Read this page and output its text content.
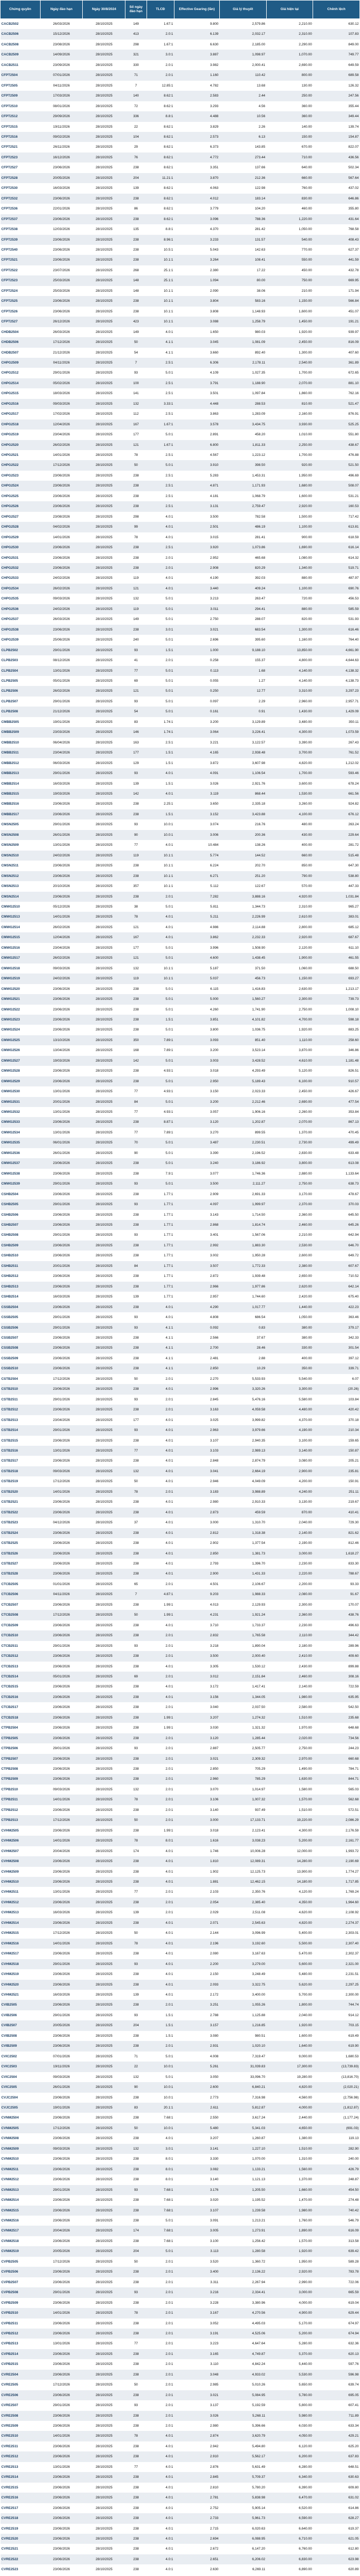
Chứng quyền	Ngày đáo hạn	Ngày 30/8/2024	Số ngày đáo hạn	TLCĐ	Effective Gearing (lần)	Giá lý thuyết	Giá hiện tại	Chênh lệch
CACB2502	26/03/2026	28/10/2025	149	1.67:1	9.800	2,579.86	2,210.00	630.12
CACB2506	15/12/2026	28/10/2025	413	2.0:1	6.139	2,032.17	2,310.00	107.83
CACB2508	23/08/2026	28/10/2025	298	1.67:1	6.630	2,185.00	2,290.00	849.00
CACB2509	14/09/2026	28/10/2025	321	3.0:1	3.887	1,098.97	1,070.00	749.77
CACB2511	23/09/2026	28/10/2025	330	2.0:1	3.982	2,000.41	2,690.00	649.59
CFPT2504	07/01/2026	28/10/2025	71	2.0:1	1.160	110.42	800.00	689.58
CFPT2505	04/11/2026	28/10/2025	7	12.85:1	4.782	13.68	130.00	126.32
CFPT2509	17/03/2026	28/10/2025	140	8.62:1	2.583	2.44	250.00	247.56
CFPT2510	08/01/2026	28/10/2025	72	8.62:1	3.293	4.56	360.00	355.44
CFPT2512	29/09/2026	28/10/2025	336	8.8:1	4.488	10.56	360.00	349.44
CFPT2515	19/11/2026	28/10/2025	22	8.62:1	3.829	2.26	140.00	139.74
CFPT2516	09/02/2026	28/10/2025	104	8.62:1	2.573	6.13	150.00	154.87
CFPT2521	26/11/2026	28/10/2025	29	8.62:1	6.373	143.85	670.00	822.07
CFPT2523	16/12/2026	28/10/2025	76	8.62:1	4.772	273.44	710.00	436.56
CFPT2527	23/06/2026	28/10/2025	238	8.62:1	3.351	137.66	640.00	502.34
CFPT2528	20/05/2026	28/10/2025	204	11.21:1	3.870	212.36	660.00	567.64
CFPT2530	16/03/2026	28/10/2025	139	8.62:1	4.063	122.98	760.00	437.02
CFPT2532	23/06/2026	28/10/2025	238	8.62:1	4.012	183.14	830.00	646.86
CFPT2536	22/01/2026	28/10/2025	86	8.62:1	3.779	104.20	460.00	355.80
CFPT2537	23/06/2026	28/10/2025	238	8.62:1	3.096	788.36	1,220.00	431.64
CFPT2538	12/03/2026	28/10/2025	135	8.8:1	4.370	281.42	1,050.00	768.58
CFPT2539	23/06/2026	28/10/2025	238	8.96:1	3.233	131.57	540.00	408.43
CFPT2540	23/06/2026	28/10/2025	238	10.5:1	5.043	142.63	770.00	627.37
CFPT2521	23/06/2026	28/10/2025	238	10.1:1	3.264	108.41	550.00	441.59
CFPT2522	23/07/2026	28/10/2025	268	25.1:1	2.380	17.22	450.00	432.78
CFPT2523	25/03/2026	28/10/2025	148	25.1:1	1.094	80.00	750.00	669.95
CFPT2524	25/03/2026	28/10/2025	148	10.1:1	2.090	38.06	210.00	171.94
CFPT2525	23/06/2026	28/10/2025	238	10.1:1	3.804	583.16	1,150.00	566.84
CFPT2526	23/06/2026	28/10/2025	238	10.1:1	3.808	1,148.93	1,600.00	451.07
CFPT2527	26/12/2026	28/10/2025	423	10.1:1	3.088	1,258.79	1,450.00	191.21
CHDB2504	26/03/2026	28/10/2025	149	4.0:1	1.650	980.03	1,920.00	939.97
CHDB2506	17/12/2026	28/10/2025	50	4.1:1	3.045	1,081.09	2,450.00	816.09
CHDB2507	21/12/2026	28/10/2025	54	4.1:1	3.660	892.40	1,300.00	407.60
CHPG2509	04/11/2026	28/10/2025	7	2.5:1	6.306	2,178.11	2,540.00	361.89
CHPG2512	29/01/2026	28/10/2025	93	5.0:1	4.109	1,027.35	1,700.00	672.65
CHPG2514	05/02/2026	28/10/2025	100	2.5:1	3.791	1,188.90	2,070.00	881.10
CHPG2515	18/03/2026	28/10/2025	141	2.5:1	3.501	1,097.84	1,860.00	762.16
CHPG2516	09/03/2026	28/10/2025	132	3.33:1	4.448	288.53	810.00	521.47
CHPG2517	17/02/2026	28/10/2025	112	2.5:1	3.863	1,283.09	2,160.00	876.91
CHPG2518	12/04/2026	28/10/2025	167	1.67:1	3.578	3,434.75	3,930.00	525.25
CHPG2519	23/04/2026	28/10/2025	177	5.0:1	2.891	458.20	1,010.00	551.80
CHPG2520	26/02/2026	28/10/2025	121	1.67:1	6.800	1,811.33	2,250.00	438.67
CHPG2521	14/01/2026	28/10/2025	78	2.5:1	4.567	1,223.12	1,700.00	476.88
CHPG2522	17/12/2026	28/10/2025	50	5.0:1	3.910	398.50	920.00	521.50
CHPG2523	23/06/2026	28/10/2025	238	2.5:1	5.283	1,453.31	1,950.00	496.69
CHPG2524	23/06/2026	28/10/2025	238	2.5:1	4.871	1,171.93	1,680.00	508.07
CHPG2525	23/06/2026	28/10/2025	238	2.5:1	4.181	1,068.79	1,600.00	531.21
CHPG2526	23/06/2026	28/10/2025	238	2.5:1	3.131	2,759.47	2,920.00	160.53
CHPG2527	23/08/2026	28/10/2025	298	4.0:1	3.500	782.58	1,500.00	717.42
CHPG2528	04/02/2026	28/10/2025	99	4.0:1	2.501	486.19	1,100.00	613.81
CHPG2529	14/01/2026	28/10/2025	78	4.0:1	3.015	281.41	900.00	618.59
CHPG2530	23/06/2026	28/10/2025	238	2.5:1	3.920	1,073.86	1,690.00	616.14
CHPG2531	23/06/2026	28/10/2025	238	2.0:1	2.952	465.68	1,080.00	614.32
CHPG2532	23/06/2026	28/10/2025	238	2.0:1	2.908	820.29	1,340.00	519.71
CHPG2533	24/02/2026	28/10/2025	119	4.0:1	4.190	392.03	880.00	487.97
CHPG2534	26/02/2026	28/10/2025	121	4.0:1	3.440	409.24	1,100.00	690.76
CHPG2535	09/03/2026	28/10/2025	132	5.0:1	3.213	263.47	720.00	456.53
CHPG2536	24/02/2026	28/10/2025	119	5.0:1	3.011	294.41	880.00	585.59
CHPG2537	26/03/2026	28/10/2025	149	5.0:1	2.750	288.07	820.00	531.93
CHPG2538	23/06/2026	28/10/2025	238	3.0:1	3.021	683.54	1,300.00	616.46
CHPG2539	25/06/2026	28/10/2025	240	5.0:1	2.696	395.60	1,160.00	764.40
CLPB2502	29/01/2026	28/10/2025	93	1.5:1	1.000	9,188.10	13,850.00	4,661.90
CLPB2503	08/12/2026	28/10/2025	41	2.0:1	0.258	155.37	4,800.00	4,644.63
CLPB2504	13/01/2026	28/10/2025	77	5.0:1	0.113	1.68	4,140.00	4,138.32
CLPB2505	05/01/2026	28/10/2025	69	5.0:1	0.055	1.27	4,140.00	4,138.73
CLPB2506	26/02/2026	28/10/2025	121	5.0:1	0.250	12.77	3,310.00	3,297.23
CLPB2507	29/01/2026	28/10/2025	93	5.0:1	0.097	2.29	2,960.00	2,957.71
CLPB2508	21/12/2026	28/10/2025	54	5.0:1	0.161	0.91	1,430.00	1,429.09
CMBB2505	19/01/2026	28/10/2025	83	1.74:1	3.200	3,129.89	3,480.00	350.11
CMBB2509	23/03/2026	28/10/2025	146	1.74:1	3.064	3,226.41	4,300.00	1,073.59
CMBB2510	06/04/2026	28/10/2025	163	2.5:1	3.221	3,122.57	3,390.00	267.43
CMBB2511	23/04/2026	28/10/2025	177	1.5:1	4.165	2,938.48	3,700.00	761.52
CMBB2512	06/03/2026	28/10/2025	129	1.5:1	3.872	3,607.98	4,820.00	1,212.02
CMBB2513	29/01/2026	28/10/2025	93	4.0:1	4.091	1,106.54	1,700.00	593.46
CMBB2514	16/03/2026	28/10/2025	139	1.5:1	3.026	2,921.76	3,600.00	678.24
CMBB2515	19/03/2026	28/10/2025	142	4.0:1	3.119	868.44	1,530.00	661.56
CMBB2516	23/06/2026	28/10/2025	238	2.25:1	3.650	2,335.18	3,260.00	924.82
CMBB2517	23/06/2026	28/10/2025	238	1.5:1	3.152	3,423.88	4,100.00	676.12
CMSN2505	29/01/2026	28/10/2025	93	10.0:1	3.074	216.76	480.00	263.24
CMSN2508	26/01/2026	28/10/2025	90	10.0:1	3.006	200.36	430.00	229.64
CMSN2509	13/01/2026	28/10/2025	77	4.0:1	10.484	138.26	400.00	281.72
CMSN2510	24/02/2026	28/10/2025	119	10.1:1	5.774	144.52	660.00	515.48
CMSN2511	23/06/2026	28/10/2025	238	10.1:1	6.224	202.70	850.00	647.30
CMSN2512	23/06/2026	28/10/2025	238	10.1:1	6.271	251.20	790.00	538.80
CMSN2513	20/10/2026	28/10/2025	357	10.1:1	5.112	122.67	570.00	447.33
CMSN2514	23/06/2026	28/10/2025	238	2.0:1	7.282	3,888.16	4,920.00	1,031.84
CMWG2510	05/12/2026	28/10/2025	38	5.0:1	5.811	1,344.73	2,310.00	965.27
CMWG2513	14/01/2026	28/10/2025	78	4.0:1	5.211	2,226.99	2,610.00	383.01
CMWG2514	26/02/2026	28/10/2025	121	4.0:1	4.986	2,114.88	2,800.00	685.12
CMWG2515	12/04/2026	28/10/2025	167	4.0:1	3.862	2,232.33	2,920.00	687.67
CMWG2516	23/04/2026	28/10/2025	177	5.0:1	3.996	1,508.90	2,120.00	611.10
CMWG2517	26/02/2026	28/10/2025	121	5.0:1	4.600	1,438.45	1,900.00	461.55
CMWG2518	09/03/2026	28/10/2025	132	10.1:1	5.187	371.50	1,060.00	688.50
CMWG2519	24/02/2026	28/10/2025	119	10.1:1	5.037	456.73	1,150.00	693.27
CMWG2520	23/06/2026	28/10/2025	238	5.0:1	6.115	1,416.83	2,630.00	1,213.17
CMWG2521	23/06/2026	28/10/2025	238	5.0:1	5.000	1,560.27	2,300.00	739.73
CMWG2522	23/06/2026	28/10/2025	238	5.0:1	4.260	1,741.90	2,750.00	1,008.10
CMWG2523	23/06/2026	28/10/2025	238	1.5:1	3.851	4,101.82	4,700.00	598.18
CMWG2524	23/06/2026	28/10/2025	238	5.0:1	3.800	1,036.75	1,920.00	883.25
CMWG2525	13/10/2026	28/10/2025	350	7.89:1	3.093	851.40	1,110.00	258.60
CMWG2526	13/04/2026	28/10/2025	168	7.89:1	3.200	3,523.14	3,870.00	346.86
CMWG2527	19/03/2026	28/10/2025	142	5.0:1	3.003	3,428.52	4,610.00	1,181.48
CMWG2528	23/06/2026	28/10/2025	238	4.93:1	3.018	4,293.49	5,120.00	826.51
CMWG2529	23/06/2026	28/10/2025	238	5.0:1	2.950	5,189.43	6,100.00	910.57
CMWG2530	13/01/2026	28/10/2025	77	4.93:1	3.150	2,023.33	2,450.00	426.67
CMWG2531	20/01/2026	28/10/2025	84	5.0:1	3.200	2,212.46	2,690.00	477.54
CMWG2532	13/01/2026	28/10/2025	77	4.93:1	3.057	1,906.16	2,260.00	353.84
CMWG2533	23/06/2026	28/10/2025	238	8.87:1	3.120	1,202.87	2,070.00	867.13
CMWG2534	13/01/2026	28/10/2025	77	7.89:1	3.270	899.55	1,370.00	470.45
CMWG2535	06/01/2026	28/10/2025	70	5.0:1	3.487	2,230.51	2,730.00	499.49
CMWG2536	26/01/2026	28/10/2025	90	5.0:1	3.390	2,196.52	2,830.00	633.48
CMWG2537	23/06/2026	28/10/2025	238	5.0:1	3.240	3,186.92	3,800.00	613.08
CMWG2538	23/06/2026	28/10/2025	238	7.9:1	3.077	1,746.36	2,880.00	1,133.64
CMWG2539	29/01/2026	28/10/2025	93	5.0:1	3.500	2,111.27	2,750.00	638.73
CSHB2504	23/06/2026	28/10/2025	238	1.77:1	2.909	2,691.33	3,170.00	478.67
CSHB2505	29/01/2026	28/10/2025	93	1.77:1	4.097	1,999.97	2,370.00	370.03
CSHB2506	23/06/2026	28/10/2025	238	1.77:1	3.143	1,714.50	2,360.00	645.50
CSHB2507	23/06/2026	28/10/2025	238	1.77:1	2.868	1,814.74	2,460.00	645.26
CSHB2508	29/01/2026	28/10/2025	93	1.77:1	3.401	1,567.06	2,210.00	642.94
CSHB2509	23/06/2026	28/10/2025	238	1.77:1	2.992	1,883.30	2,530.00	646.70
CSHB2510	23/06/2026	28/10/2025	238	1.77:1	3.002	1,950.28	2,600.00	649.72
CSHB2511	20/01/2026	28/10/2025	84	1.77:1	3.507	1,772.33	2,380.00	607.67
CSHB2512	23/06/2026	28/10/2025	238	1.77:1	2.872	1,939.48	2,650.00	710.52
CSHB2513	23/06/2026	28/10/2025	238	1.77:1	2.966	1,977.86	2,620.00	642.14
CSHB2514	16/03/2026	28/10/2025	139	1.77:1	2.957	1,744.60	2,420.00	675.40
CSSB2504	23/06/2026	28/10/2025	238	4.0:1	4.290	1,017.77	1,440.00	422.23
CSSB2505	29/01/2026	28/10/2025	93	4.0:1	4.808	686.54	1,050.00	363.46
CSSB2506	29/01/2026	28/10/2025	93	4.1:1	0.092	0.83	380.00	379.17
CSSB2507	23/06/2026	28/10/2025	238	4.1:1	2.566	37.67	380.00	342.33
CSSB2508	23/06/2026	28/10/2025	238	4.1:1	2.700	28.46	330.00	301.54
CSSB2509	23/06/2026	28/10/2025	238	4.1:1	2.481	2.88	400.00	397.12
CSSB2510	23/06/2026	28/10/2025	238	4.1:1	2.850	10.29	350.00	339.71
CSTB2504	17/12/2026	28/10/2025	50	2.0:1	2.270	5,533.93	5,540.00	6.07
CSTB2510	23/06/2026	28/10/2025	238	4.0:1	2.996	3,320.26	3,300.00	(20.26)
CSTB2511	29/01/2026	28/10/2025	93	2.0:1	2.845	5,476.16	5,580.00	103.84
CSTB2512	23/06/2026	28/10/2025	238	2.0:1	3.163	4,059.58	4,480.00	420.42
CSTB2513	23/04/2026	28/10/2025	177	4.0:1	3.025	3,999.82	4,370.00	370.18
CSTB2514	29/01/2026	28/10/2025	93	4.0:1	2.963	3,979.66	4,190.00	210.34
CSTB2515	23/06/2026	28/10/2025	238	4.0:1	3.107	2,940.35	3,100.00	159.65
CSTB2516	13/01/2026	28/10/2025	77	4.0:1	3.103	2,989.13	3,140.00	150.87
CSTB2517	23/06/2026	28/10/2025	238	4.0:1	2.848	2,874.79	3,080.00	205.21
CSTB2518	09/03/2026	28/10/2025	132	4.0:1	3.041	2,664.19	2,900.00	235.81
CSTB2519	17/12/2026	28/10/2025	50	4.0:1	2.946	4,049.09	4,200.00	150.91
CSTB2520	14/01/2026	28/10/2025	78	2.0:1	3.183	3,988.89	4,240.00	251.11
CSTB2521	23/06/2026	28/10/2025	238	4.0:1	2.980	2,910.33	3,130.00	219.67
CSTB2522	23/06/2026	28/10/2025	238	4.0:1	2.873	459.59	870.00	410.41
CSTB2523	04/12/2026	28/10/2025	37	4.0:1	3.000	1,310.70	2,040.00	729.30
CSTB2524	23/06/2026	28/10/2025	238	4.0:1	2.812	1,318.38	2,140.00	821.62
CSTB2525	23/06/2026	28/10/2025	238	4.0:1	2.902	1,377.54	2,190.00	812.46
CSTB2526	23/06/2026	28/10/2025	238	4.0:1	2.850	1,381.73	3,000.00	1,618.27
CSTB2527	23/06/2026	28/10/2025	238	4.0:1	2.793	1,396.70	2,230.00	833.30
CSTB2528	23/06/2026	28/10/2025	238	4.0:1	2.900	1,431.33	2,220.00	788.67
CTCB2505	01/01/2026	28/10/2025	65	2.0:1	4.501	2,106.67	2,200.00	93.33
CTCB2506	04/11/2026	28/10/2025	7	4.87:1	9.203	1,988.33	2,080.00	91.67
CTCB2507	23/06/2026	28/10/2025	238	1.99:1	4.013	2,129.93	2,300.00	170.07
CTCB2508	17/12/2026	28/10/2025	50	1.99:1	4.231	1,921.24	2,360.00	438.76
CTCB2509	23/06/2026	28/10/2025	238	4.0:1	3.710	1,733.37	2,230.00	496.63
CTCB2510	23/06/2026	28/10/2025	238	2.0:1	2.832	1,765.58	2,110.00	344.42
CTCB2511	29/01/2026	28/10/2025	93	2.0:1	3.218	1,890.04	2,180.00	289.96
CTCB2512	23/06/2026	28/10/2025	238	2.0:1	3.500	2,000.40	2,410.00	409.60
CTCB2513	23/06/2026	28/10/2025	238	4.0:1	3.305	1,530.12	2,430.00	899.88
CTCB2514	05/01/2026	28/10/2025	69	2.0:1	3.012	2,151.84	2,460.00	308.16
CTCB2515	23/06/2026	28/10/2025	238	4.0:1	3.172	1,417.41	2,140.00	722.59
CTCB2516	23/06/2026	28/10/2025	238	4.0:1	3.156	1,344.05	1,980.00	635.95
CTCB2517	23/06/2026	28/10/2025	238	2.0:1	3.040	2,037.50	2,580.00	542.50
CTCB2518	23/06/2026	28/10/2025	238	1.99:1	3.207	1,274.32	1,510.00	235.68
CTPB2504	23/06/2026	28/10/2025	238	1.99:1	3.030	1,321.32	1,970.00	648.68
CTPB2505	23/06/2026	28/10/2025	238	2.0:1	3.120	1,285.44	2,020.00	734.56
CTPB2506	29/01/2026	28/10/2025	93	2.0:1	2.887	2,505.77	2,750.00	244.23
CTPB2507	23/06/2026	28/10/2025	238	2.0:1	3.021	2,309.32	2,970.00	660.68
CTPB2508	23/06/2026	28/10/2025	238	2.0:1	2.850	705.29	1,490.00	784.71
CTPB2509	23/06/2026	28/10/2025	238	2.0:1	2.960	785.29	1,630.00	844.71
CTPB2510	09/03/2026	28/10/2025	132	2.0:1	3.070	1,014.97	1,580.00	565.03
CTPB2511	14/01/2026	28/10/2025	78	2.0:1	3.106	1,007.32	1,570.00	562.68
CTPB2512	23/06/2026	28/10/2025	238	2.0:1	3.140	937.49	1,510.00	572.51
CTPB2513	17/12/2026	28/10/2025	50	2.0:1	3.000	17,133.71	19,220.00	2,086.29
CVHM2505	23/06/2026	28/10/2025	238	1.99:1	3.018	2,123.41	4,300.00	2,176.59
CVHM2506	14/01/2026	28/10/2025	78	8.0:1	1.616	3,038.23	5,200.00	2,161.77
CVHM2507	20/04/2026	28/10/2025	174	4.0:1	1.746	10,006.28	12,000.00	1,993.72
CVHM2508	23/06/2026	28/10/2025	238	4.0:1	1.810	12,089.31	14,280.00	2,190.69
CVHM2509	23/06/2026	28/10/2025	238	4.0:1	1.902	12,125.73	13,900.00	1,774.27
CVHM2510	23/06/2026	28/10/2025	238	4.0:1	1.881	12,462.15	14,180.00	1,717.85
CVHM2511	13/01/2026	28/10/2025	77	2.0:1	2.103	2,350.76	4,120.00	1,769.24
CVHM2512	23/06/2026	28/10/2025	238	2.0:1	2.054	2,385.40	4,350.00	1,964.60
CVHM2513	16/03/2026	28/10/2025	139	2.0:1	2.029	2,511.08	4,620.00	2,108.92
CVHM2514	23/06/2026	28/10/2025	238	4.0:1	2.071	2,545.63	4,820.00	2,274.37
CVHM2515	17/12/2026	28/10/2025	50	4.0:1	2.144	3,096.99	5,400.00	2,303.01
CVHM2516	14/01/2026	28/10/2025	78	4.0:1	2.196	3,192.60	5,500.00	2,307.40
CVHM2517	23/06/2026	28/10/2025	238	4.0:1	2.080	3,167.63	5,470.00	2,302.37
CVHM2518	29/01/2026	28/10/2025	93	4.0:1	2.200	3,279.00	5,600.00	2,321.00
CVHM2519	23/06/2026	28/10/2025	238	4.0:1	2.150	3,248.49	5,480.00	2,231.51
CVHM2520	23/06/2026	28/10/2025	238	4.0:1	2.093	3,322.75	5,620.00	2,297.25
CVHM2521	16/03/2026	28/10/2025	139	4.0:1	2.172	3,400.00	5,700.00	2,300.00
CVIB2505	23/06/2026	28/10/2025	238	2.0:1	3.251	1,055.26	1,800.00	744.74
CVIB2506	29/01/2026	28/10/2025	93	1.5:1	2.788	1,125.88	2,040.00	914.12
CVIB2507	20/05/2026	28/10/2025	204	1.5:1	3.157	1,216.85	1,920.00	703.15
CVIB2508	23/06/2026	28/10/2025	238	1.5:1	3.080	980.51	1,600.00	619.49
CVIB2509	23/06/2026	28/10/2025	238	2.0:1	2.931	1,020.10	1,640.00	619.90
CVIC2502	07/01/2026	28/10/2025	71	5.0:1	4.008	7,319.47	9,000.00	1,680.53
CVIC2503	19/11/2026	28/10/2025	22	10.0:1	5.261	31,039.83	17,300.00	(13,739.83)
CVIC2504	09/03/2026	28/10/2025	132	5.0:1	3.050	33,096.70	19,280.00	(13,816.70)
CVIC2505	26/01/2026	28/10/2025	90	10.0:1	2.600	6,840.21	4,820.00	(2,020.21)
CVJC2504	23/06/2026	28/10/2025	238	10.0:1	2.773	7,316.98	4,560.00	(2,756.98)
CVJC2505	19/01/2026	28/10/2025	83	20.1:1	2.611	5,812.87	4,000.00	(1,812.87)
CVNM2504	23/06/2026	28/10/2025	238	7.68:1	2.550	3,617.24	2,440.00	(1,177.24)
CVNM2505	17/12/2026	28/10/2025	50	10.0:1	5.480	5,341.03	4,650.00	(691.03)
CVNM2508	23/06/2026	28/10/2025	238	4.0:1	3.207	1,260.87	1,380.00	119.13
CVNM2509	09/03/2026	28/10/2025	132	3.0:1	3.141	1,227.10	1,510.00	282.90
CVNM2510	23/06/2026	28/10/2025	238	8.0:1	3.330	1,070.00	1,310.00	240.00
CVNM2511	23/06/2026	28/10/2025	238	8.0:1	3.082	1,133.21	1,560.00	426.79
CVNM2512	23/06/2026	28/10/2025	238	8.0:1	3.140	1,121.13	1,370.00	248.87
CVNM2513	29/01/2026	28/10/2025	93	7.68:1	3.176	1,205.50	1,660.00	454.50
CVNM2514	23/06/2026	28/10/2025	238	7.68:1	3.020	1,195.52	1,470.00	274.48
CVNM2515	23/06/2026	28/10/2025	238	7.68:1	3.107	1,239.58	1,980.00	740.42
CVNM2516	23/06/2026	28/10/2025	238	5.0:1	3.091	1,213.21	1,760.00	546.79
CVNM2517	20/04/2026	28/10/2025	174	7.68:1	3.005	1,273.91	1,890.00	616.09
CVNM2518	23/06/2026	28/10/2025	238	7.68:1	3.100	1,256.42	1,570.00	313.58
CVNM2519	20/05/2026	28/10/2025	204	5.0:1	3.113	1,280.58	1,920.00	639.42
CVPB2505	17/12/2026	28/10/2025	50	2.0:1	3.520	1,360.72	1,950.00	589.28
CVPB2506	23/06/2026	28/10/2025	238	2.0:1	3.400	2,136.22	2,920.00	783.78
CVPB2507	23/06/2026	28/10/2025	238	2.0:1	3.311	2,267.94	2,990.00	722.06
CVPB2508	29/01/2026	28/10/2025	93	2.0:1	3.216	2,334.41	3,000.00	665.59
CVPB2509	23/06/2026	28/10/2025	238	2.0:1	3.228	3,380.96	4,000.00	619.04
CVPB2510	14/01/2026	28/10/2025	78	2.0:1	3.167	4,270.56	4,900.00	629.44
CVPB2511	23/06/2026	28/10/2025	238	2.0:1	3.052	4,495.03	5,170.00	674.97
CVPB2512	23/06/2026	28/10/2025	238	2.0:1	3.191	4,525.06	5,200.00	674.94
CVPB2513	13/01/2026	28/10/2025	77	2.0:1	3.223	4,647.64	5,280.00	632.36
CVPB2514	23/06/2026	28/10/2025	238	2.0:1	3.165	4,749.87	5,370.00	620.13
CVPB2515	23/06/2026	28/10/2025	238	2.0:1	3.110	4,842.24	5,440.00	597.76
CVRE2504	23/06/2026	28/10/2025	238	2.0:1	3.048	4,933.02	5,530.00	596.98
CVRE2505	17/12/2026	28/10/2025	50	2.0:1	2.985	5,010.26	5,650.00	639.74
CVRE2506	23/06/2026	28/10/2025	238	2.0:1	3.021	5,084.95	5,780.00	695.05
CVRE2507	29/01/2026	28/10/2025	93	2.0:1	3.137	5,192.59	5,800.00	607.41
CVRE2508	23/06/2026	28/10/2025	238	2.0:1	3.026	5,268.11	5,980.00	711.89
CVRE2509	23/06/2026	28/10/2025	238	2.0:1	2.980	5,396.66	6,030.00	633.34
CVRE2510	14/01/2026	28/10/2025	78	4.0:1	2.874	3,620.79	4,050.00	429.21
CVRE2511	23/06/2026	28/10/2025	238	4.0:1	2.942	5,494.80	6,120.00	625.20
CVRE2512	23/06/2026	28/10/2025	238	4.0:1	2.910	5,562.17	6,200.00	637.83
CVRE2513	13/01/2026	28/10/2025	77	4.0:1	2.876	5,631.49	6,280.00	648.51
CVRE2514	23/06/2026	28/10/2025	238	4.0:1	2.845	5,709.37	6,340.00	630.63
CVRE2515	23/06/2026	28/10/2025	238	4.0:1	2.810	5,780.20	6,390.00	609.80
CVRE2516	23/06/2026	28/10/2025	238	4.0:1	2.781	5,838.98	6,470.00	631.02
CVRE2517	23/06/2026	28/10/2025	238	4.0:1	2.752	5,905.14	6,520.00	614.86
CVRE2518	23/06/2026	28/10/2025	238	4.0:1	2.733	5,961.73	6,590.00	628.27
CVRE2519	23/06/2026	28/10/2025	238	4.0:1	2.715	6,020.63	6,640.00	619.37
CVRE2520	23/06/2026	28/10/2025	238	4.0:1	2.694	6,088.95	6,710.00	621.05
CVRE2521	23/06/2026	28/10/2025	238	4.0:1	2.672	6,147.20	6,760.00	612.80
CVRE2522	23/06/2026	28/10/2025	238	4.0:1	2.651	6,206.02	6,830.00	623.98
CVRE2523	23/06/2026	28/10/2025	238	4.0:1	2.630	6,269.11	6,890.00	620.89
